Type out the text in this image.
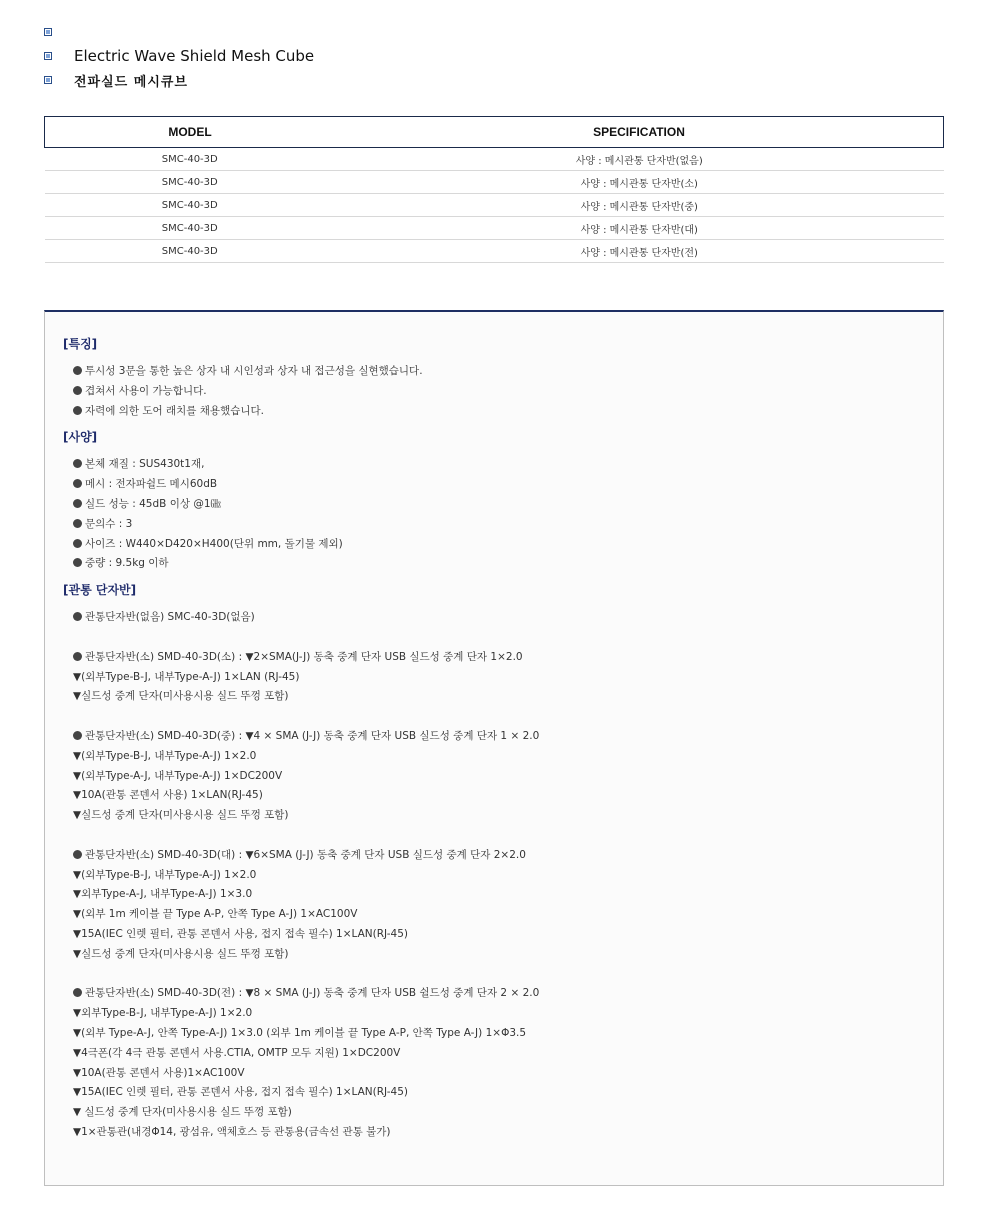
Electric Wave Shield Mesh Cube
전파실드 메시큐브
MODEL	SPECIFICATION
SMC-40-3D	사양 : 메시관통 단자반(없음)
SMC-40-3D	사양 : 메시관통 단자반(소)
SMC-40-3D	사양 : 메시관통 단자반(중)
SMC-40-3D	사양 : 메시관통 단자반(대)
SMC-40-3D	사양 : 메시관통 단자반(전)
[특징]
투시성 3문을 통한 높은 상자 내 시인성과 상자 내 접근성을 실현했습니다.
겹쳐서 사용이 가능합니다.
자력에 의한 도어 래치를 채용했습니다.
[사양]
본체 재질 : SUS430t1재,
메시 : 전자파쉴드 메시60dB
실드 성능 : 45dB 이상 @1㎓
문의수 : 3
사이즈 : W440×D420×H400(단위 mm, 돌기물 제외)
중량 : 9.5kg 이하
[관통 단자반]
관통단자반(없음) SMC-40-3D(없음)
관통단자반(소) SMD-40-3D(소) : ▼2×SMA(J-J) 동축 중계 단자 USB 실드성 중계 단자 1×2.0
▼(외부Type-B-J, 내부Type-A-J) 1×LAN (RJ-45)
▼실드성 중계 단자(미사용시용 실드 뚜껑 포함)
관통단자반(소) SMD-40-3D(중) : ▼4 × SMA (J-J) 동축 중계 단자 USB 실드성 중계 단자 1 × 2.0
▼(외부Type-B-J, 내부Type-A-J) 1×2.0
▼(외부Type-A-J, 내부Type-A-J) 1×DC200V
▼10A(관통 콘덴서 사용) 1×LAN(RJ-45)
▼실드성 중계 단자(미사용시용 실드 뚜껑 포함)
관통단자반(소) SMD-40-3D(대) : ▼6×SMA (J-J) 동축 중계 단자 USB 실드성 중계 단자 2×2.0
▼(외부Type-B-J, 내부Type-A-J) 1×2.0
▼외부Type-A-J, 내부Type-A-J) 1×3.0
▼(외부 1m 케이블 끝 Type A-P, 안쪽 Type A-J) 1×AC100V
▼15A(IEC 인렛 필터, 관통 콘덴서 사용, 접지 접속 필수) 1×LAN(RJ-45)
▼실드성 중계 단자(미사용시용 실드 뚜껑 포함)
관통단자반(소) SMD-40-3D(전) : ▼8 × SMA (J-J) 동축 중계 단자 USB 쉴드성 중계 단자 2 × 2.0
▼외부Type-B-J, 내부Type-A-J) 1×2.0
▼(외부 Type-A-J, 안쪽 Type-A-J) 1×3.0 (외부 1m 케이블 끝 Type A-P, 안쪽 Type A-J) 1×Φ3.5
▼4극폰(각 4극 관통 콘덴서 사용.CTIA, OMTP 모두 지원) 1×DC200V
▼10A(관통 콘덴서 사용)1×AC100V
▼15A(IEC 인렛 필터, 관통 콘덴서 사용, 접지 접속 필수) 1×LAN(RJ-45)
▼ 실드성 중계 단자(미사용시용 실드 뚜껑 포함)
▼1×관통관(내경Φ14, 광섬유, 액체호스 등 관통용(금속선 관통 불가)
